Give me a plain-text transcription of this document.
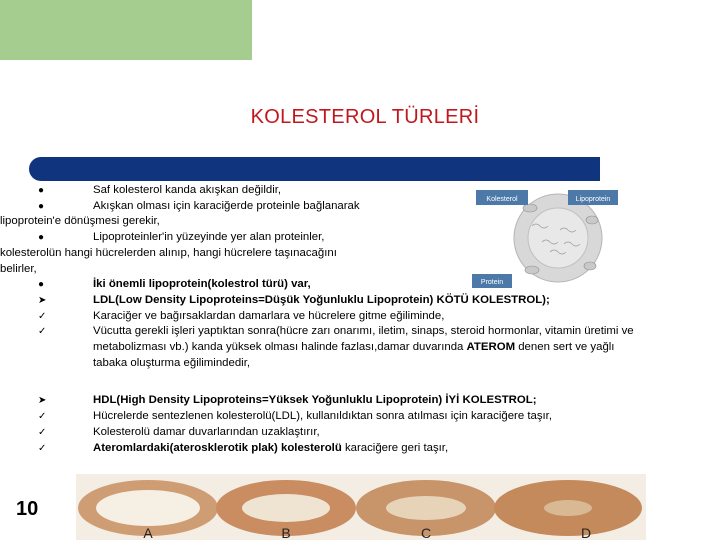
KOLESTEROL TÜRLERİ
●	Saf kolesterol kanda akışkan değildir,
●	Akışkan olması için karaciğerde proteinle bağlanarak
lipoprotein'e dönüşmesi gerekir,
●	Lipoproteinler'in yüzeyinde yer alan proteinler,
kolesterolün hangi hücrelerden alınıp, hangi hücrelere taşınacağını
belirler,
●	İki önemli lipoprotein(kolestrol türü) var,
➤	LDL(Low Density Lipoproteins=Düşük Yoğunluklu Lipoprotein) KÖTÜ KOLESTROL);
✓	Karaciğer ve bağırsaklardan damarlara ve hücrelere gitme eğiliminde,
✓	Vücutta gerekli işleri yaptıktan sonra(hücre zarı onarımı, iletim, sinaps, steroid hormonlar, vitamin üretimi ve metabolizması vb.) kanda yüksek olması halinde fazlası,damar duvarında ATEROM denen sert ve yağlı tabaka oluşturma eğilimindedir,
➤	HDL(High Density Lipoproteins=Yüksek Yoğunluklu Lipoprotein) İYİ KOLESTROL;
✓	Hücrelerde sentezlenen kolesterolü(LDL), kullanıldıktan sonra atılması için karaciğere taşır,
✓	Kolesterolü damar duvarlarından uzaklaştırır,
✓	Ateromlardaki(aterosklerotik plak) kolesterolü karaciğere geri taşır,
Kolesterol	Lipoprotein
Protein
A	B	C	D
10
